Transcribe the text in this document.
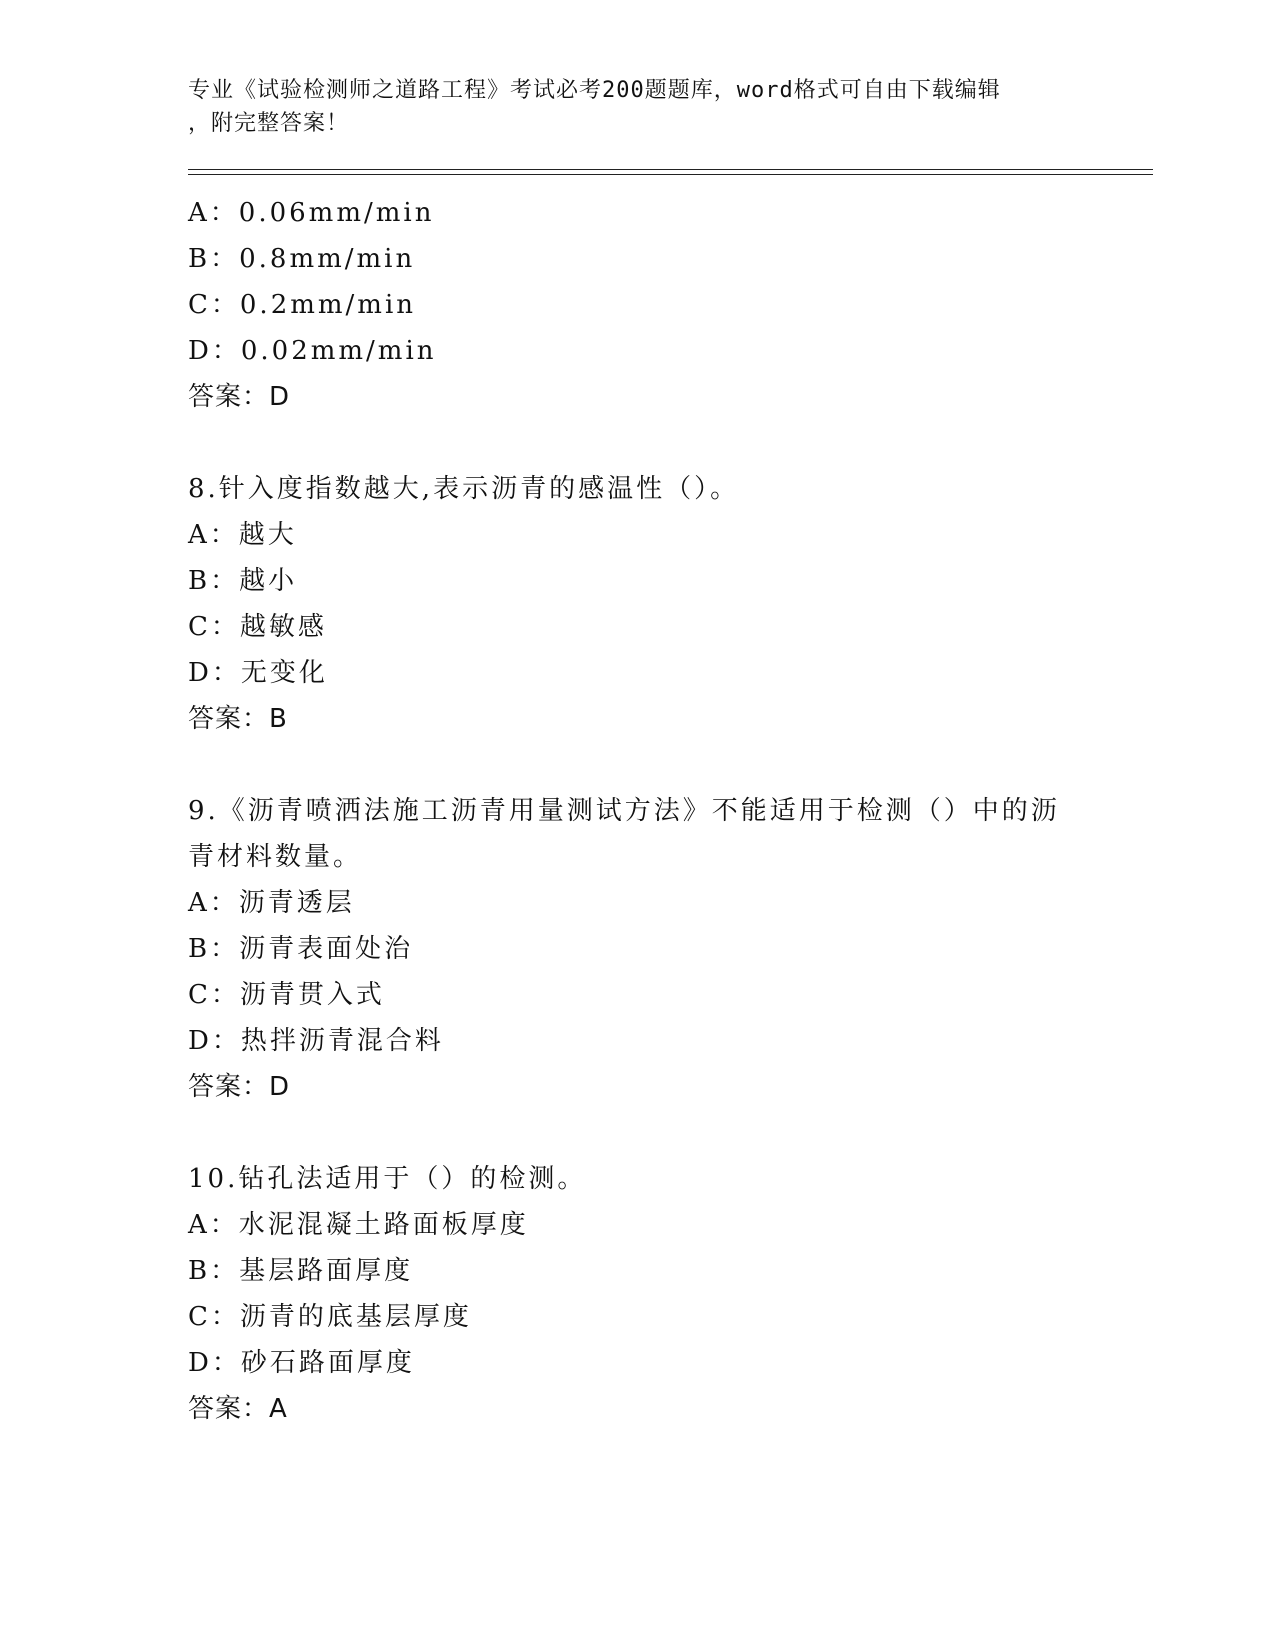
专业《试验检测师之道路工程》考试必考200题题库，word格式可自由下载编辑
，附完整答案！
A：0.06mm/min
B：0.8mm/min
C：0.2mm/min
D：0.02mm/min
答案：D
8.针入度指数越大,表示沥青的感温性（）。
A：越大
B：越小
C：越敏感
D：无变化
答案：B
9.《沥青喷洒法施工沥青用量测试方法》不能适用于检测（）中的沥青材料数量。
A：沥青透层
B：沥青表面处治
C：沥青贯入式
D：热拌沥青混合料
答案：D
10.钻孔法适用于（）的检测。
A：水泥混凝土路面板厚度
B：基层路面厚度
C：沥青的底基层厚度
D：砂石路面厚度
答案：A
